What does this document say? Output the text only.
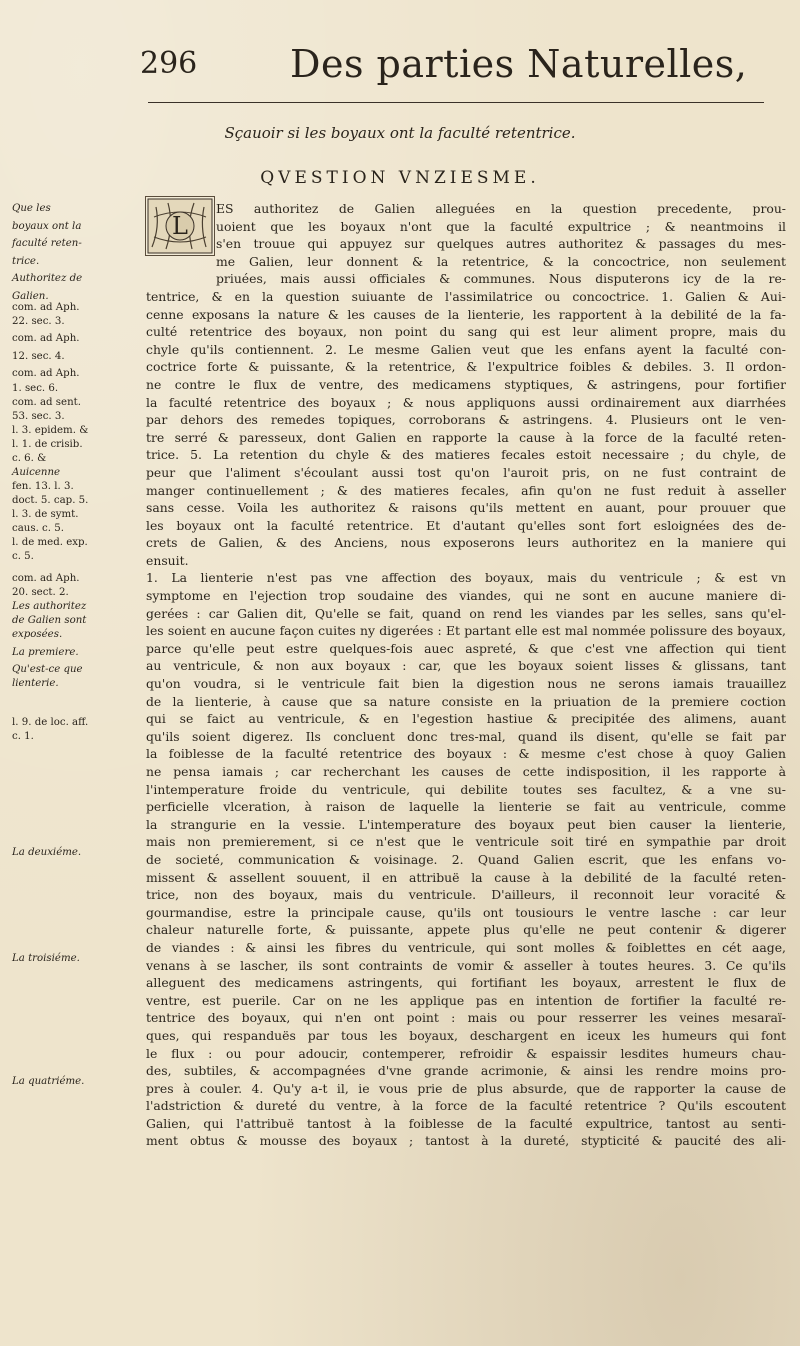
296 Des parties Naturelles,
Sçauoir si les boyaux ont la faculté retentrice.
QVESTION VNZIESME.
L
Que les
boyaux ont la
faculté reten-
trice.
Authoritez de
Galien.
com. ad Aph.
22. sec. 3.
com. ad Aph.
12. sec. 4.
com. ad Aph.
1. sec. 6.
com. ad sent.
53. sec. 3.
l. 3. epidem. &
l. 1. de crisib.
c. 6. &
Auicenne
fen. 13. l. 3.
doct. 5. cap. 5.
l. 3. de symt.
caus. c. 5.
l. de med. exp.
c. 5.
com. ad Aph.
20. sect. 2.
Les authoritez
de Galien sont
exposées.
La premiere.
Qu'est-ce que
lienterie.
l. 9. de loc. aff.
c. 1.
La deuxiéme.
La troisiéme.
La quatriéme.
ES authoritez de Galien alleguées en la question precedente, prou-
uoient que les boyaux n'ont que la faculté expultrice ; & neantmoins il
s'en trouue qui appuyez sur quelques autres authoritez & passages du mes-
me Galien, leur donnent & la retentrice, & la concoctrice, non seulement
priuées, mais aussi officiales & communes. Nous disputerons icy de la re-
tentrice, & en la question suiuante de l'assimilatrice ou concoctrice. 1. Galien & Aui-
cenne exposans la nature & les causes de la lienterie, les rapportent à la debilité de la fa-
culté retentrice des boyaux, non point du sang qui est leur aliment propre, mais du
chyle qu'ils contiennent. 2. Le mesme Galien veut que les enfans ayent la faculté con-
coctrice forte & puissante, & la retentrice, & l'expultrice foibles & debiles. 3. Il ordon-
ne contre le flux de ventre, des medicamens styptiques, & astringens, pour fortifier
la faculté retentrice des boyaux ; & nous appliquons aussi ordinairement aux diarrhées
par dehors des remedes topiques, corroborans & astringens. 4. Plusieurs ont le ven-
tre serré & paresseux, dont Galien en rapporte la cause à la force de la faculté reten-
trice. 5. La retention du chyle & des matieres fecales estoit necessaire ; du chyle, de
peur que l'aliment s'écoulant aussi tost qu'on l'auroit pris, on ne fust contraint de
manger continuellement ; & des matieres fecales, afin qu'on ne fust reduit à asseller
sans cesse. Voila les authoritez & raisons qu'ils mettent en auant, pour prouuer que
les boyaux ont la faculté retentrice. Et d'autant qu'elles sont fort esloignées des de-
crets de Galien, & des Anciens, nous exposerons leurs authoritez en la maniere qui
ensuit.
1. La lienterie n'est pas vne affection des boyaux, mais du ventricule ; & est vn
symptome en l'ejection trop soudaine des viandes, qui ne sont en aucune maniere di-
gerées : car Galien dit, Qu'elle se fait, quand on rend les viandes par les selles, sans qu'el-
les soient en aucune façon cuites ny digerées : Et partant elle est mal nommée polissure des boyaux,
parce qu'elle peut estre quelques-fois auec aspreté, & que c'est vne affection qui tient
au ventricule, & non aux boyaux : car, que les boyaux soient lisses & glissans, tant
qu'on voudra, si le ventricule fait bien la digestion nous ne serons iamais trauaillez
de la lienterie, à cause que sa nature consiste en la priuation de la premiere coction
qui se faict au ventricule, & en l'egestion hastiue & precipitée des alimens, auant
qu'ils soient digerez. Ils concluent donc tres-mal, quand ils disent, qu'elle se fait par
la foiblesse de la faculté retentrice des boyaux : & mesme c'est chose à quoy Galien
ne pensa iamais ; car recherchant les causes de cette indisposition, il les rapporte à
l'intemperature froide du ventricule, qui debilite toutes ses facultez, & a vne su-
perficielle vlceration, à raison de laquelle la lienterie se fait au ventricule, comme
la strangurie en la vessie. L'intemperature des boyaux peut bien causer la lienterie,
mais non premierement, si ce n'est que le ventricule soit tiré en sympathie par droit
de societé, communication & voisinage. 2. Quand Galien escrit, que les enfans vo-
missent & assellent souuent, il en attribuë la cause à la debilité de la faculté reten-
trice, non des boyaux, mais du ventricule. D'ailleurs, il reconnoit leur voracité &
gourmandise, estre la principale cause, qu'ils ont tousiours le ventre lasche : car leur
chaleur naturelle forte, & puissante, appete plus qu'elle ne peut contenir & digerer
de viandes : & ainsi les fibres du ventricule, qui sont molles & foiblettes en cét aage,
venans à se lascher, ils sont contraints de vomir & asseller à toutes heures. 3. Ce qu'ils
alleguent des medicamens astringents, qui fortifiant les boyaux, arrestent le flux de
ventre, est puerile. Car on ne les applique pas en intention de fortifier la faculté re-
tentrice des boyaux, qui n'en ont point : mais ou pour resserrer les veines mesaraï-
ques, qui respanduës par tous les boyaux, deschargent en iceux les humeurs qui font
le flux : ou pour adoucir, contemperer, refroidir & espaissir lesdites humeurs chau-
des, subtiles, & accompagnées d'vne grande acrimonie, & ainsi les rendre moins pro-
pres à couler. 4. Qu'y a-t il, ie vous prie de plus absurde, que de rapporter la cause de
l'adstriction & dureté du ventre, à la force de la faculté retentrice ? Qu'ils escoutent
Galien, qui l'attribuë tantost à la foiblesse de la faculté expultrice, tantost au senti-
ment obtus & mousse des boyaux ; tantost à la dureté, stypticité & paucité des ali-
